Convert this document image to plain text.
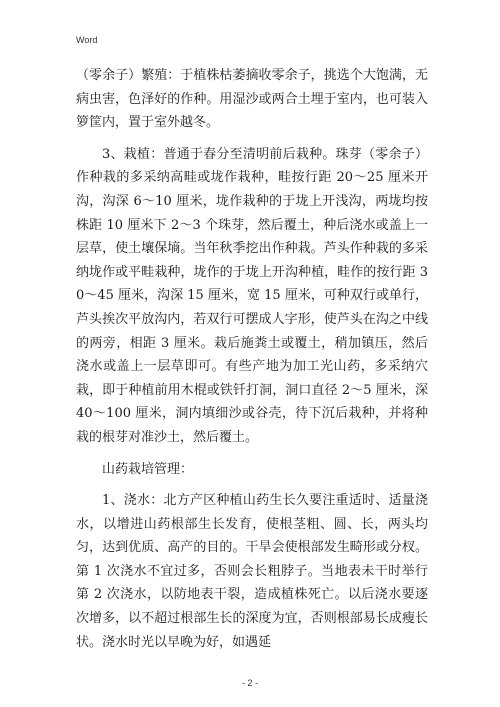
Word

（零余子）繁殖：于植株枯萎摘收零余子，挑选个大饱满，无病虫害，色泽好的作种。用湿沙或两合土埋于室内，也可装入箩筐内，置于室外越冬。

3、栽植：普通于春分至清明前后栽种。珠芽（零余子）作种栽的多采纳高畦或垅作栽种，畦按行距 20～25 厘米开沟，沟深 6～10 厘米，垅作栽种的于垅上开浅沟，两垅均按株距 10 厘米下 2～3 个珠芽，然后覆土，种后浇水或盖上一层草，使土壤保墒。当年秋季挖出作种栽。芦头作种栽的多采纳垅作或平畦栽种，垅作的于垅上开沟种植，畦作的按行距 30～45 厘米，沟深 15 厘米，宽 15 厘米，可种双行或单行，芦头挨次平放沟内，若双行可摆成人字形，使芦头在沟之中线的两旁，相距 3 厘米。栽后施粪土或覆土，稍加镇压，然后浇水或盖上一层草即可。有些产地为加工光山药，多采纳穴栽，即于种植前用木棍或铁钎打洞，洞口直径 2～5 厘米，深 40～100 厘米，洞内填细沙或谷壳，待下沉后栽种，并将种栽的根芽对准沙土，然后覆土。

山药栽培管理：

1、浇水：北方产区种植山药生长久要注重适时、适量浇水，以增进山药根部生长发育，使根茎粗、圆、长，两头均匀，达到优质、高产的目的。干旱会使根部发生畸形或分杈。第 1 次浇水不宜过多，否则会长粗脖子。当地表未干时举行第 2 次浇水，以防地表干裂，造成植株死亡。以后浇水要逐次增多，以不超过根部生长的深度为宜，否则根部易长成瘦长状。浇水时光以早晚为好，如遇延

- 2 -
